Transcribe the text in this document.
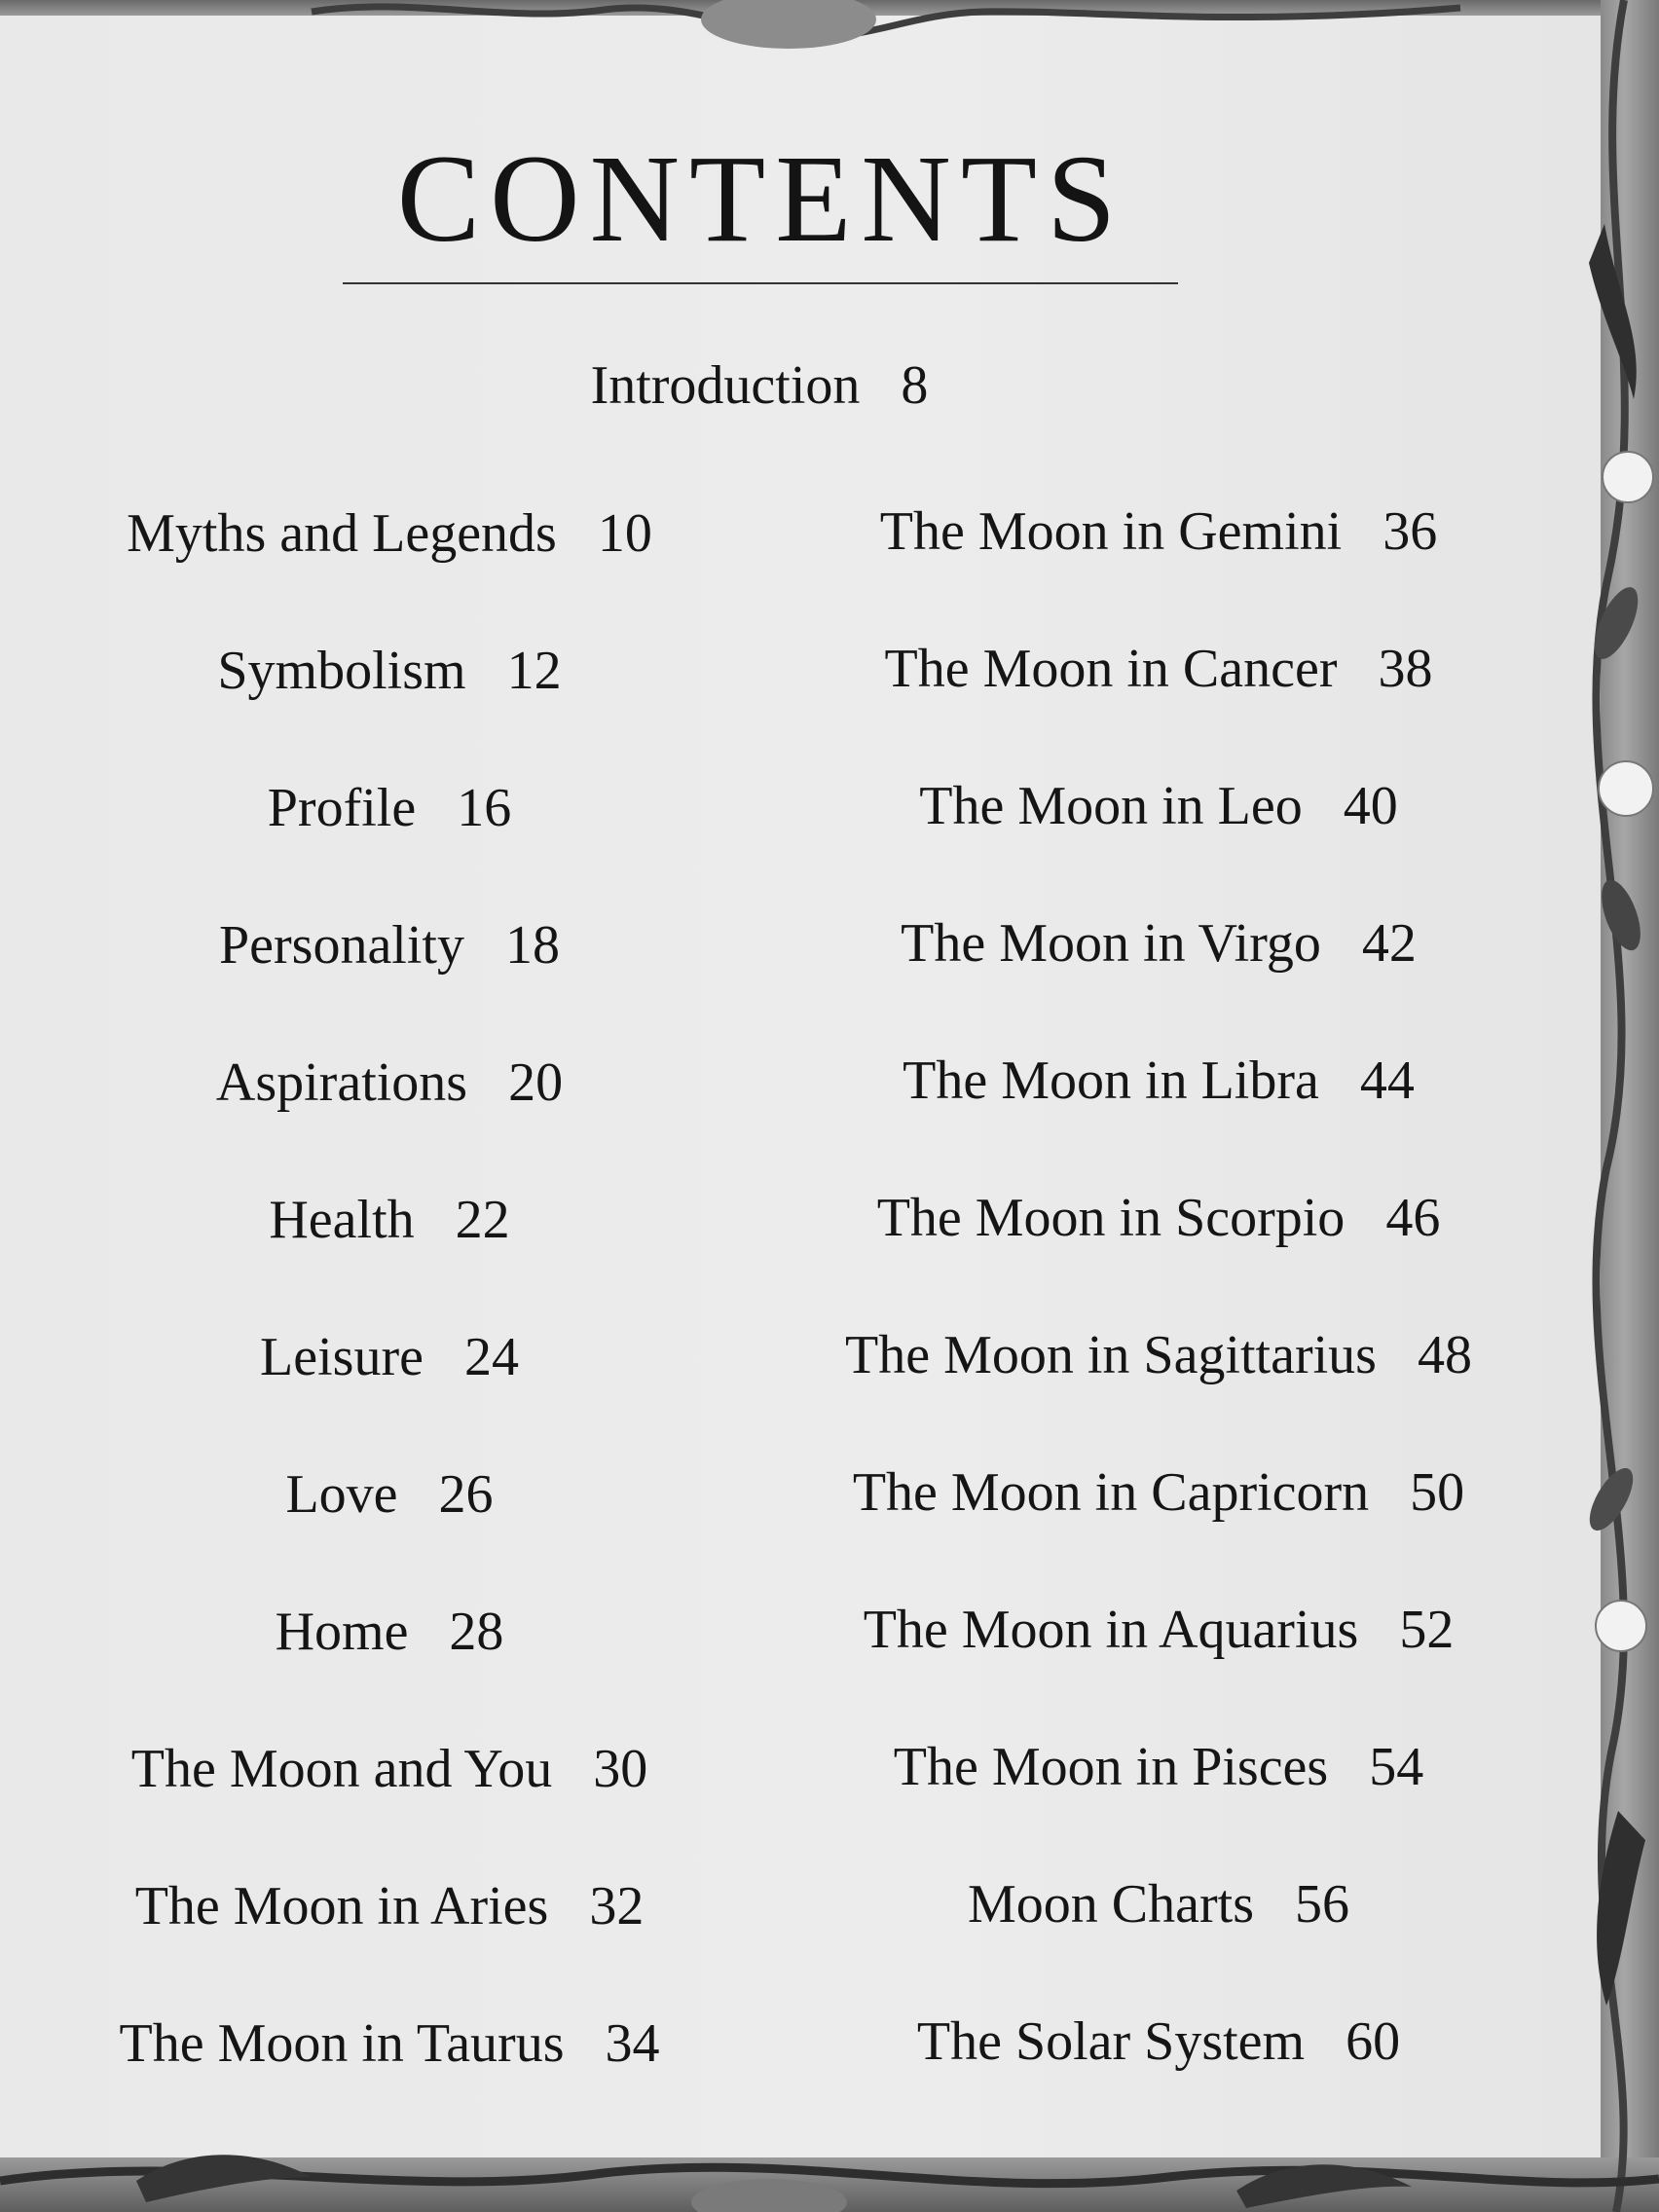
CONTENTS
Introduction 8
Myths and Legends 10
Symbolism 12
Profile 16
Personality 18
Aspirations 20
Health 22
Leisure 24
Love 26
Home 28
The Moon and You 30
The Moon in Aries 32
The Moon in Taurus 34
The Moon in Gemini 36
The Moon in Cancer 38
The Moon in Leo 40
The Moon in Virgo 42
The Moon in Libra 44
The Moon in Scorpio 46
The Moon in Sagittarius 48
The Moon in Capricorn 50
The Moon in Aquarius 52
The Moon in Pisces 54
Moon Charts 56
The Solar System 60
